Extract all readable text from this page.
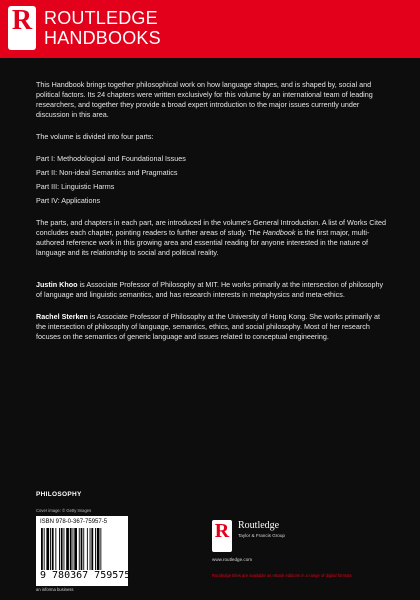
R ROUTLEDGE
HANDBOOKS

This Handbook brings together philosophical work on how language shapes, and is shaped by, social and political factors. Its 24 chapters were written exclusively for this volume by an international team of leading researchers, and together they provide a broad expert introduction to the major issues currently under discussion in this area.

The volume is divided into four parts:

Part I: Methodological and Foundational Issues
Part II: Non-ideal Semantics and Pragmatics
Part III: Linguistic Harms
Part IV: Applications

The parts, and chapters in each part, are introduced in the volume's General Introduction. A list of Works Cited concludes each chapter, pointing readers to further areas of study. The Handbook is the first major, multi-authored reference work in this growing area and essential reading for anyone interested in the nature of language and its relationship to social and political reality.

Justin Khoo is Associate Professor of Philosophy at MIT. He works primarily at the intersection of philosophy of language and linguistic semantics, and has research interests in metaphysics and meta-ethics.

Rachel Sterken is Associate Professor of Philosophy at the University of Hong Kong. She works primarily at the intersection of philosophy of language, semantics, ethics, and social philosophy. Most of her research focuses on the semantics of generic language and issues related to conceptual engineering.

PHILOSOPHY
Cover image: © Getty Images
ISBN 978-0-367-75957-5
9 780367 759575
an informa business
R Routledge
Taylor & Francis Group
www.routledge.com
Routledge titles are available as eBook editions in a range of digital formats
